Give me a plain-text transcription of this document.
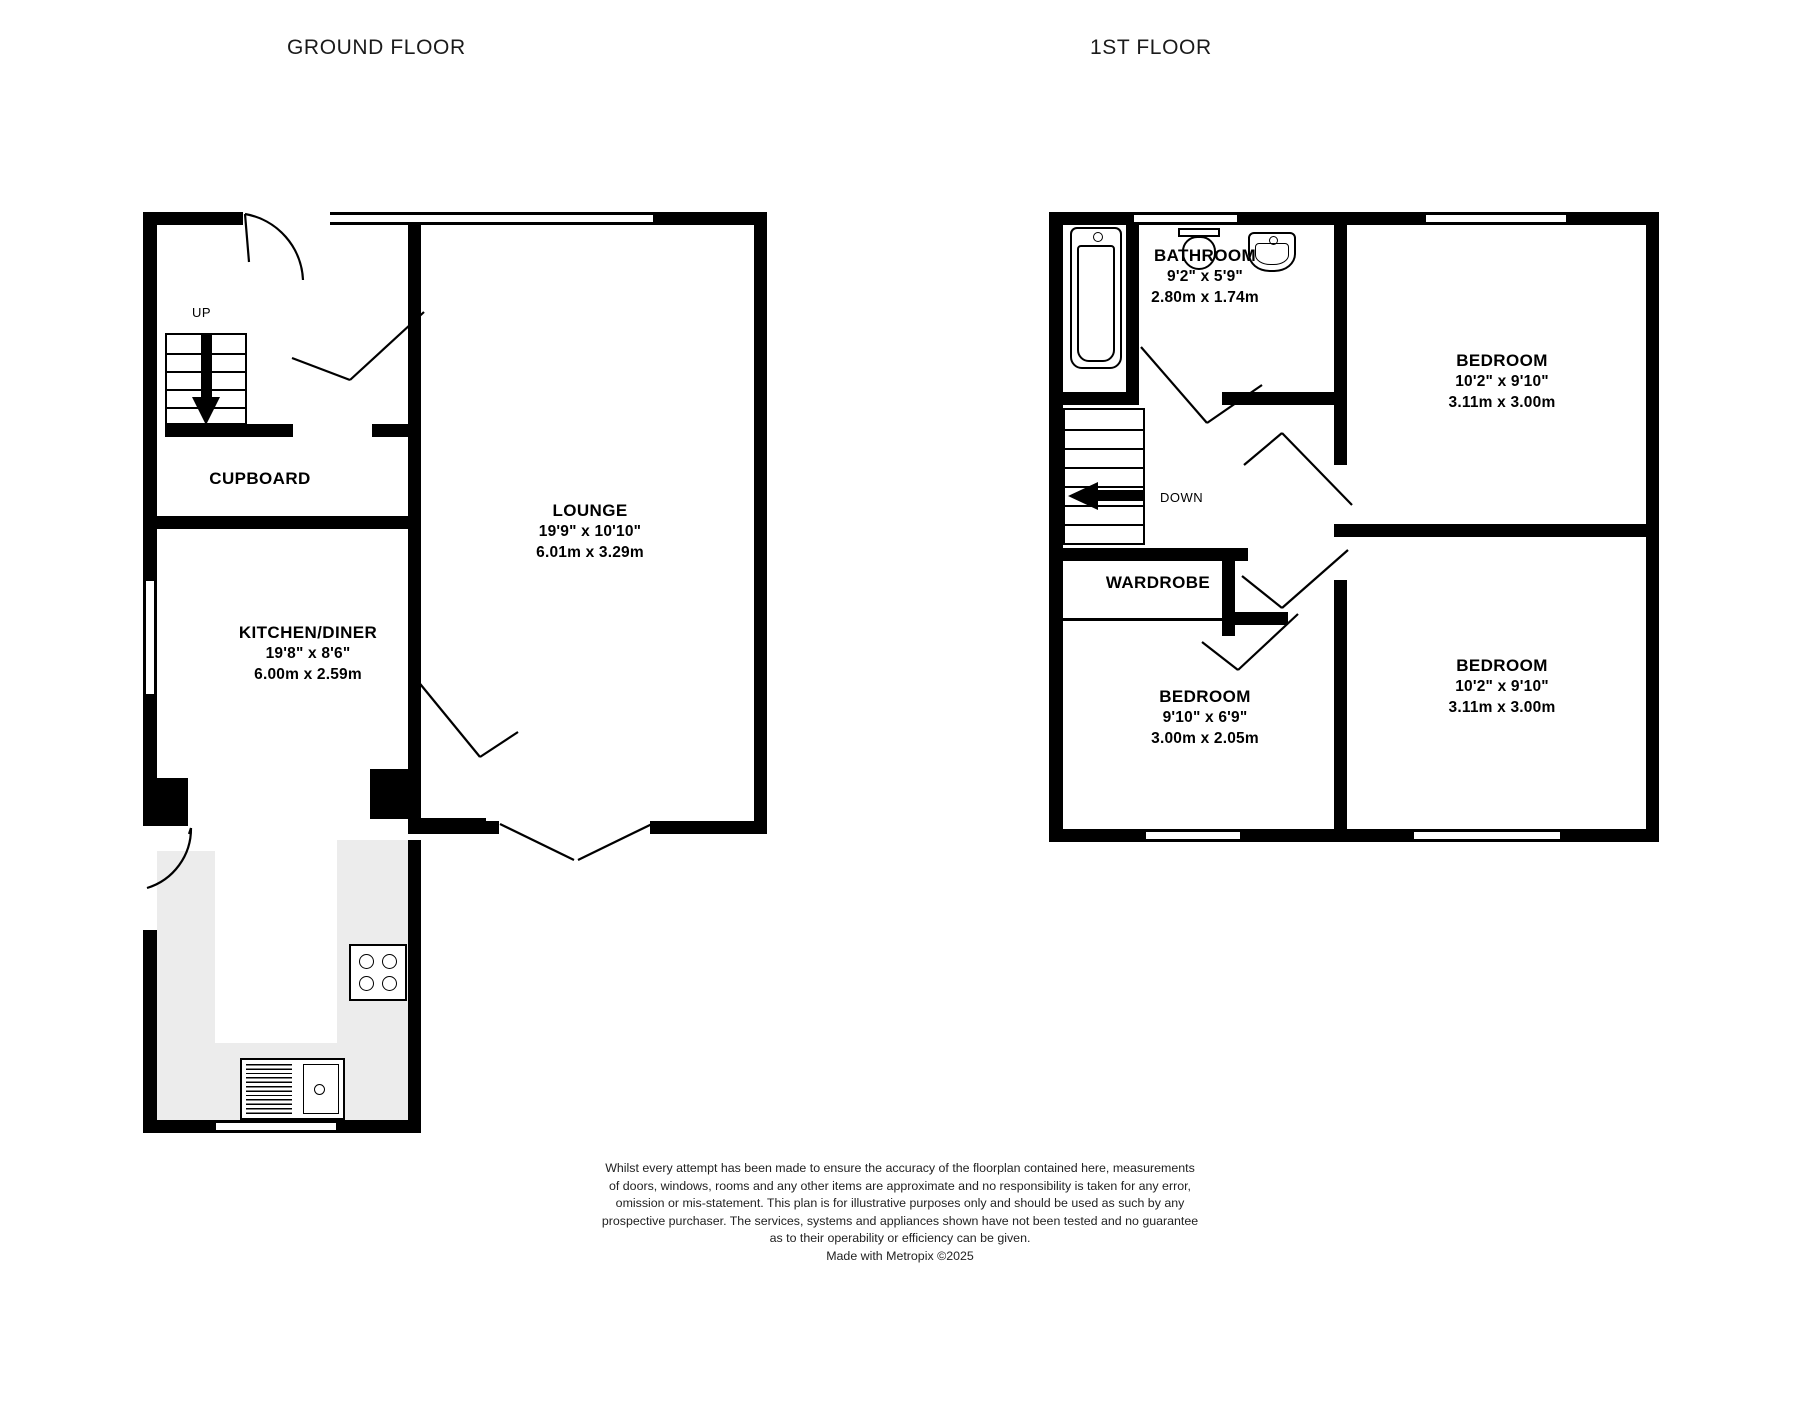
GROUND FLOOR	1ST FLOOR
UP
CUPBOARD
LOUNGE
19'9" x 10'10"
6.01m x 3.29m
KITCHEN/DINER
19'8" x 8'6"
6.00m x 2.59m
DOWN
BATHROOM
9'2" x 5'9"
2.80m x 1.74m
BEDROOM
10'2" x 9'10"
3.11m x 3.00m
BEDROOM
10'2" x 9'10"
3.11m x 3.00m
BEDROOM
9'10" x 6'9"
3.00m x 2.05m
WARDROBE
Whilst every attempt has been made to ensure the accuracy of the floorplan contained here, measurements
of doors, windows, rooms and any other items are approximate and no responsibility is taken for any error,
omission or mis-statement. This plan is for illustrative purposes only and should be used as such by any
prospective purchaser. The services, systems and appliances shown have not been tested and no guarantee
as to their operability or efficiency can be given.
Made with Metropix ©2025
